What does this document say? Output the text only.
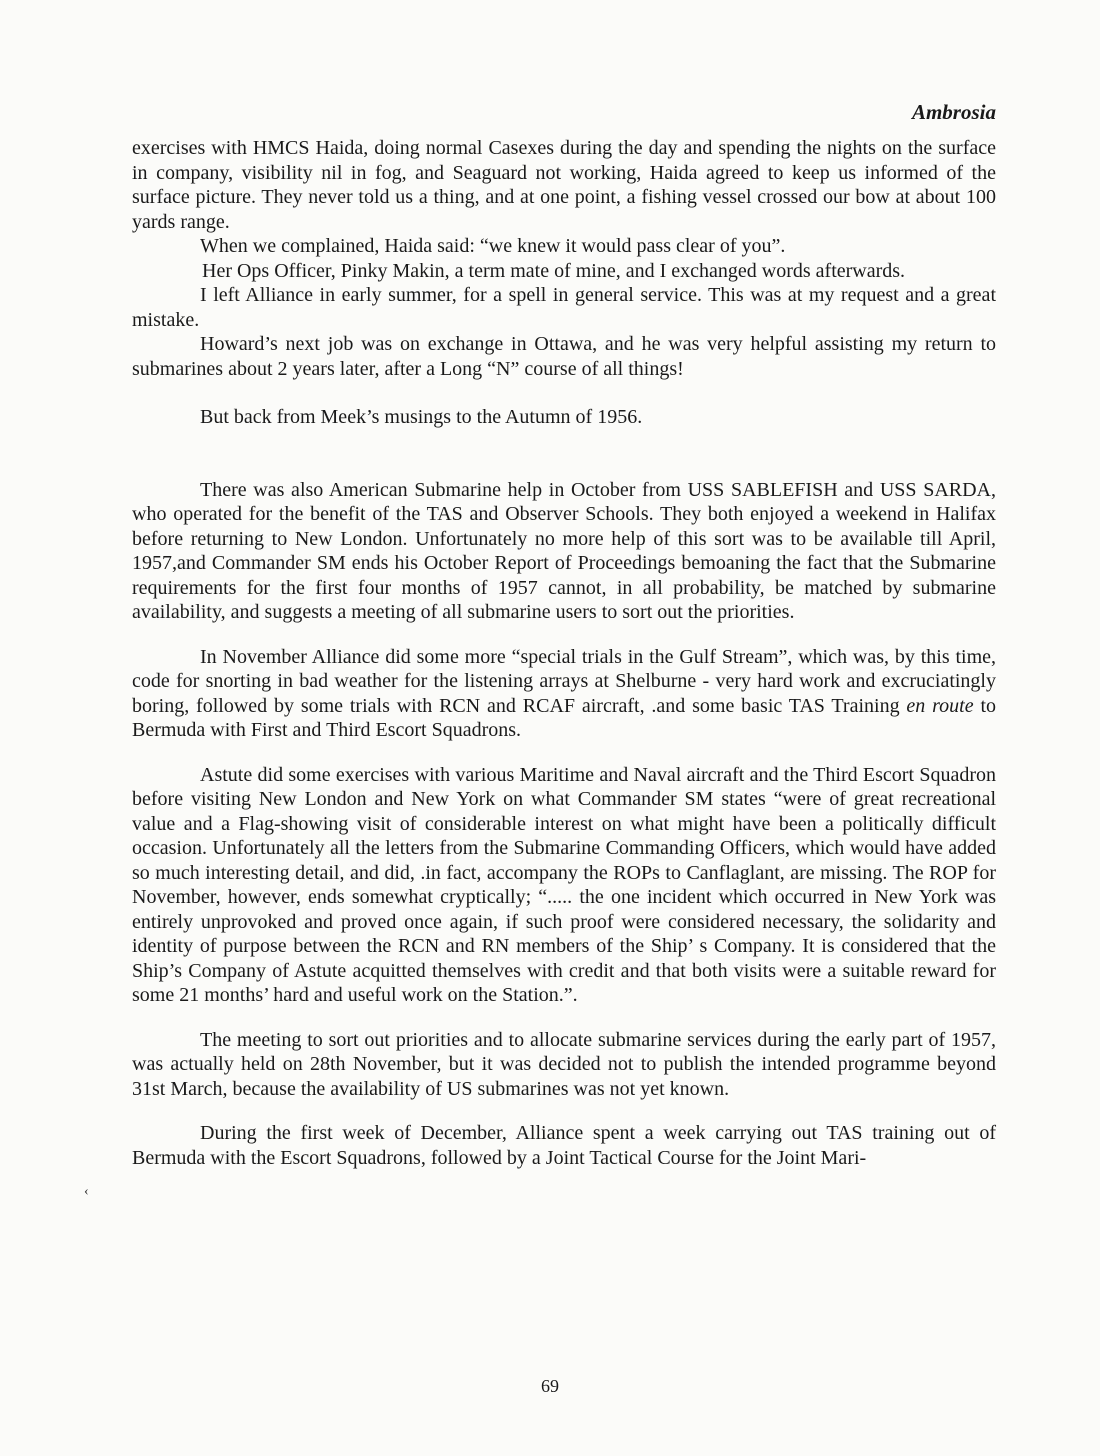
Ambrosia

exercises with HMCS Haida, doing normal Casexes during the day and spending the nights on the surface in company, visibility nil in fog, and Seaguard not working, Haida agreed to keep us informed of the surface picture. They never told us a thing, and at one point, a fishing vessel crossed our bow at about 100 yards range.

When we complained, Haida said: “we knew it would pass clear of you”.

Her Ops Officer, Pinky Makin, a term mate of mine, and I exchanged words afterwards.

I left Alliance in early summer, for a spell in general service. This was at my request and a great mistake.

Howard’s next job was on exchange in Ottawa, and he was very helpful assisting my return to submarines about 2 years later, after a Long “N” course of all things!

But back from Meek’s musings to the Autumn of 1956.

There was also American Submarine help in October from USS SABLEFISH and USS SARDA, who operated for the benefit of the TAS and Observer Schools. They both enjoyed a weekend in Halifax before returning to New London. Unfortunately no more help of this sort was to be available till April, 1957,and Commander SM ends his October Report of Proceedings bemoaning the fact that the Submarine requirements for the first four months of 1957 cannot, in all probability, be matched by submarine availability, and suggests a meeting of all submarine users to sort out the priorities.

In November Alliance did some more “special trials in the Gulf Stream”, which was, by this time, code for snorting in bad weather for the listening arrays at Shelburne - very hard work and excruciatingly boring, followed by some trials with RCN and RCAF aircraft, .and some basic TAS Training en route to Bermuda with First and Third Escort Squadrons.

Astute did some exercises with various Maritime and Naval aircraft and the Third Escort Squadron before visiting New London and New York on what Commander SM states “were of great recreational value and a Flag-showing visit of considerable interest on what might have been a politically difficult occasion. Unfortunately all the letters from the Submarine Commanding Officers, which would have added so much interesting detail, and did, .in fact, accompany the ROPs to Canflaglant, are missing. The ROP for November, however, ends somewhat cryptically; “..... the one incident which occurred in New York was entirely unprovoked and proved once again, if such proof were considered necessary, the solidarity and identity of purpose between the RCN and RN members of the Ship’ s Company. It is considered that the Ship’s Company of Astute acquitted themselves with credit and that both visits were a suitable reward for some 21 months’ hard and useful work on the Station.”.

The meeting to sort out priorities and to allocate submarine services during the early part of 1957, was actually held on 28th November, but it was decided not to publish the intended programme beyond 31st March, because the availability of US submarines was not yet known.

During the first week of December, Alliance spent a week carrying out TAS training out of Bermuda with the Escort Squadrons, followed by a Joint Tactical Course for the Joint Mari-

‹
69
